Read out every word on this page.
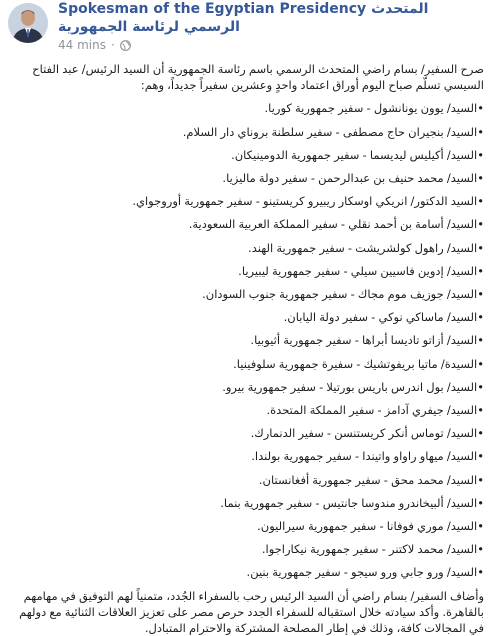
Spokesman of the Egyptian Presidency المتحدث الرسمي لرئاسة الجمهورية
44 mins ·

صرح السفير/ بسام راضي المتحدث الرسمي باسم رئاسة الجمهورية أن السيد الرئيس/ عبد الفتاح السيسي تسلّم صباح اليوم أوراق اعتماد واحدٍ وعشرين سفيراً جديداً، وهم:

•السيد/ يوون يونانشول - سفير جمهورية كوريا.

•السيد/ بنجيران حاج مصطفى - سفير سلطنة بروناي دار السلام.

•السيد/ أكيليس ليديسما - سفير جمهورية الدومينيكان.

•السيد/ محمد حنيف بن عبدالرحمن - سفير دولة ماليزيا.

•السيد الدكتور/ انريكي اوسكار ريبيرو كريستينو - سفير جمهورية أوروجواي.

•السيد/ أسامة بن أحمد نقلي - سفير المملكة العربية السعودية.

•السيد/ راهول كولشريشت - سفير جمهورية الهند.

•السيد/ إدوين فاسيين سيلي - سفير جمهورية ليبيريا.

•السيد/ جوزيف موم مجاك - سفير جمهورية جنوب السودان.

•السيد/ ماساكي نوكي - سفير دولة اليابان.

•السيد/ أزاتو تاديسا أبراها - سفير جمهورية أثيوبيا.

•السيدة/ ماتيا بريفوتشيك - سفيرة جمهورية سلوفينيا.

•السيد/ بول اندرس باريس بورتيلا - سفير جمهورية بيرو.

•السيد/ جيفري آدامز - سفير المملكة المتحدة.

•السيد/ توماس أنكر كريستنسن - سفير الدنمارك.

•السيد/ ميهاو راواو واتيندا - سفير جمهورية بولندا.

•السيد/ محمد محق - سفير جمهورية أفغانستان.

•السيد/ ألبيخاندرو مندوسا جانتيس - سفير جمهورية بنما.

•السيد/ موري فوفانا - سفير جمهورية سيراليون.

•السيد/ محمد لاكتنر - سفير جمهورية نيكاراجوا.

•السيد/ ورو جابي ورو سيجو - سفير جمهورية بنين.

وأضاف السفير/ بسام راضي أن السيد الرئيس رحب بالسفراء الجُدد، متمنياً لهم التوفيق في مهامهم بالقاهرة. وأكد سيادته خلال استقباله للسفراء الجدد حرص مصر على تعزيز العلاقات الثنائية مع دولهم في المجالات كافة، وذلك في إطار المصلحة المشتركة والاحترام المتبادل.
